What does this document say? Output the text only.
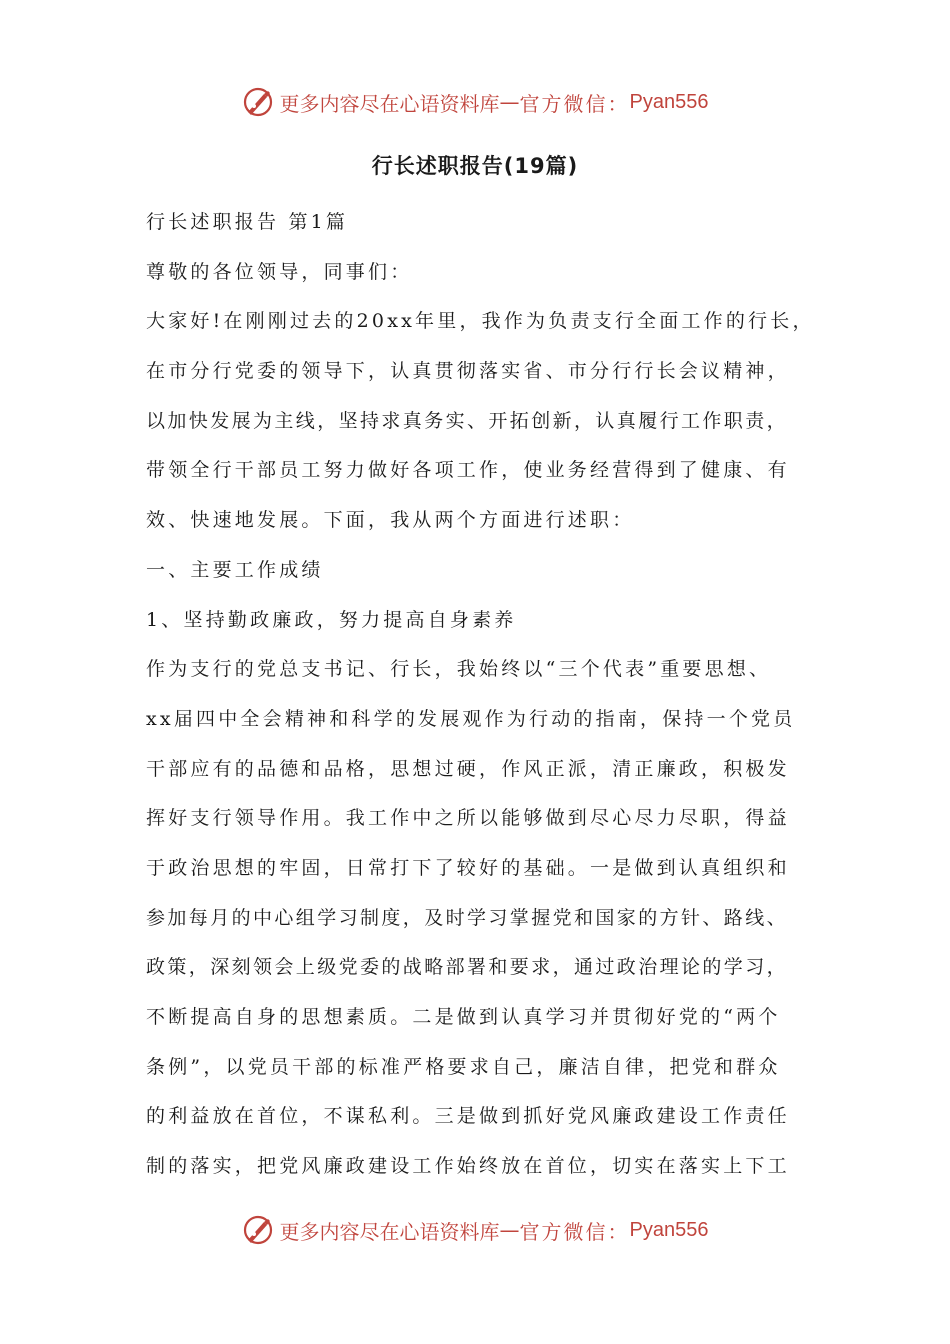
更多内容尽在心语资料库 — 官方微信： Pyan556
行长述职报告(19篇)
行长述职报告 第1篇
尊敬的各位领导，同事们：
大家好!在刚刚过去的20xx年里，我作为负责支行全面工作的行长，
在市分行党委的领导下，认真贯彻落实省、市分行行长会议精神，
以加快发展为主线，坚持求真务实、开拓创新，认真履行工作职责，
带领全行干部员工努力做好各项工作，使业务经营得到了健康、有
效、快速地发展。下面，我从两个方面进行述职：
一、主要工作成绩
1、坚持勤政廉政，努力提高自身素养
作为支行的党总支书记、行长，我始终以“三个代表”重要思想、
xx届四中全会精神和科学的发展观作为行动的指南，保持一个党员
干部应有的品德和品格，思想过硬，作风正派，清正廉政，积极发
挥好支行领导作用。我工作中之所以能够做到尽心尽力尽职，得益
于政治思想的牢固，日常打下了较好的基础。一是做到认真组织和
参加每月的中心组学习制度，及时学习掌握党和国家的方针、路线、
政策，深刻领会上级党委的战略部署和要求，通过政治理论的学习，
不断提高自身的思想素质。二是做到认真学习并贯彻好党的“两个
条例”，以党员干部的标准严格要求自己，廉洁自律，把党和群众
的利益放在首位，不谋私利。三是做到抓好党风廉政建设工作责任
制的落实，把党风廉政建设工作始终放在首位，切实在落实上下工
更多内容尽在心语资料库 — 官方微信： Pyan556
